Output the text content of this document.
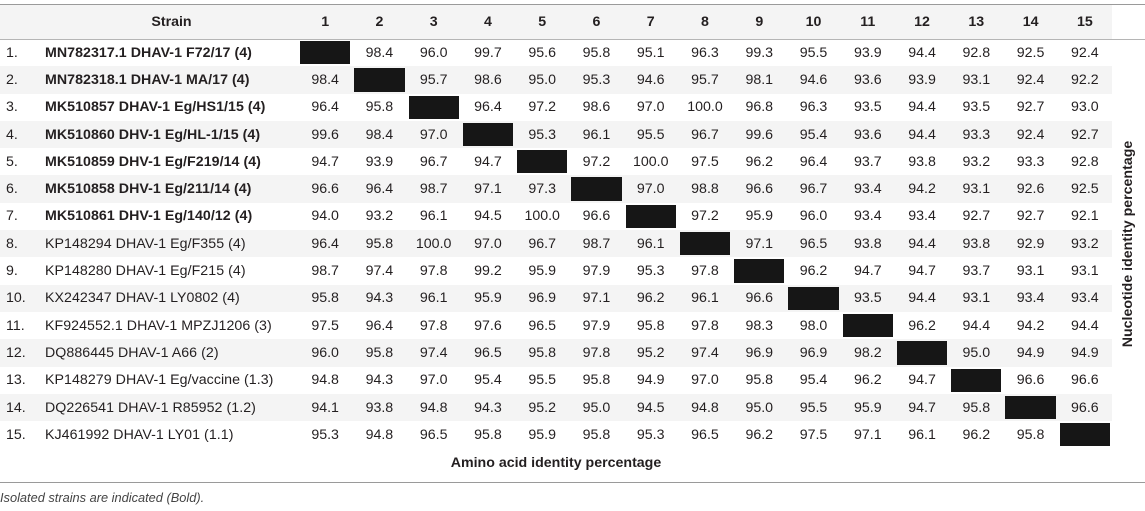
	Strain	1	2	3	4	5	6	7	8	9	10	11	12	13	14	15
1.	MN782317.1 DHAV-1 F72/17 (4)		98.4	96.0	99.7	95.6	95.8	95.1	96.3	99.3	95.5	93.9	94.4	92.8	92.5	92.4
2.	MN782318.1 DHAV-1 MA/17 (4)	98.4		95.7	98.6	95.0	95.3	94.6	95.7	98.1	94.6	93.6	93.9	93.1	92.4	92.2
3.	MK510857 DHAV-1 Eg/HS1/15 (4)	96.4	95.8		96.4	97.2	98.6	97.0	100.0	96.8	96.3	93.5	94.4	93.5	92.7	93.0
4.	MK510860 DHV-1 Eg/HL-1/15 (4)	99.6	98.4	97.0		95.3	96.1	95.5	96.7	99.6	95.4	93.6	94.4	93.3	92.4	92.7
5.	MK510859 DHV-1 Eg/F219/14 (4)	94.7	93.9	96.7	94.7		97.2	100.0	97.5	96.2	96.4	93.7	93.8	93.2	93.3	92.8
6.	MK510858 DHV-1 Eg/211/14 (4)	96.6	96.4	98.7	97.1	97.3		97.0	98.8	96.6	96.7	93.4	94.2	93.1	92.6	92.5
7.	MK510861 DHV-1 Eg/140/12 (4)	94.0	93.2	96.1	94.5	100.0	96.6		97.2	95.9	96.0	93.4	93.4	92.7	92.7	92.1
8.	KP148294 DHAV-1 Eg/F355 (4)	96.4	95.8	100.0	97.0	96.7	98.7	96.1		97.1	96.5	93.8	94.4	93.8	92.9	93.2
9.	KP148280 DHAV-1 Eg/F215 (4)	98.7	97.4	97.8	99.2	95.9	97.9	95.3	97.8		96.2	94.7	94.7	93.7	93.1	93.1
10.	KX242347 DHAV-1 LY0802 (4)	95.8	94.3	96.1	95.9	96.9	97.1	96.2	96.1	96.6		93.5	94.4	93.1	93.4	93.4
11.	KF924552.1 DHAV-1 MPZJ1206 (3)	97.5	96.4	97.8	97.6	96.5	97.9	95.8	97.8	98.3	98.0		96.2	94.4	94.2	94.4
12.	DQ886445 DHAV-1 A66 (2)	96.0	95.8	97.4	96.5	95.8	97.8	95.2	97.4	96.9	96.9	98.2		95.0	94.9	94.9
13.	KP148279 DHAV-1 Eg/vaccine (1.3)	94.8	94.3	97.0	95.4	95.5	95.8	94.9	97.0	95.8	95.4	96.2	94.7		96.6	96.6
14.	DQ226541 DHAV-1 R85952 (1.2)	94.1	93.8	94.8	94.3	95.2	95.0	94.5	94.8	95.0	95.5	95.9	94.7	95.8		96.6
15.	KJ461992 DHAV-1 LY01 (1.1)	95.3	94.8	96.5	95.8	95.9	95.8	95.3	96.5	96.2	97.5	97.1	96.1	96.2	95.8	
Amino acid identity percentage
Nucleotide identity percentage
Isolated strains are indicated (Bold).
